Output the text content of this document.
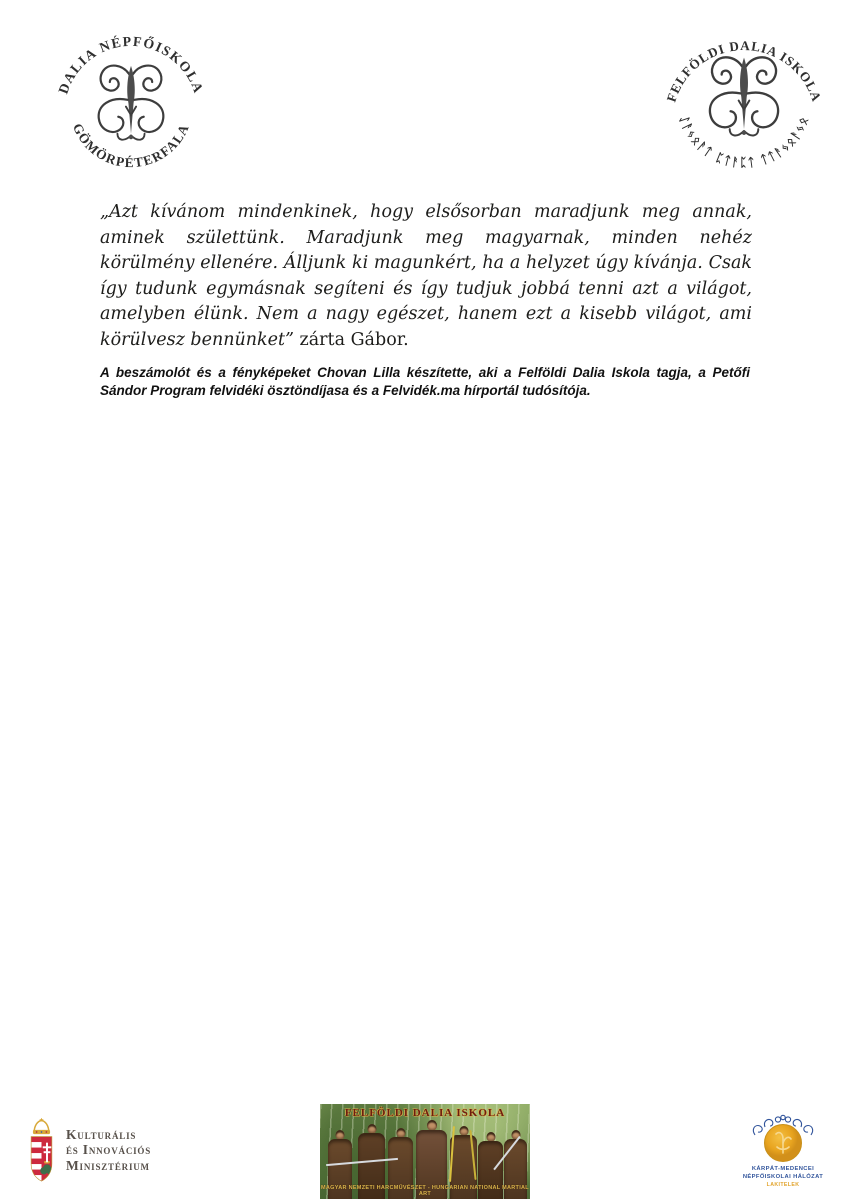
DALIA NÉPFŐISKOLA
GÖMÖRPÉTERFALA
FELFÖLDI DALIA ISKOLA
ᛇᚨᛃᛟᚨᛏ ᛈᛏᚨᛈᛏ ᛏᛏᚨᛃᛟᚨᛃᛟ

„Azt kívánom mindenkinek, hogy elsősorban maradjunk meg annak, aminek születtünk. Maradjunk meg magyarnak, minden nehéz körülmény ellenére. Álljunk ki magunkért, ha a helyzet úgy kívánja. Csak így tudunk egymásnak segíteni és így tudjuk jobbá tenni azt a világot, amelyben élünk. Nem a nagy egészet, hanem ezt a kisebb világot, ami körülvesz bennünket” zárta Gábor.

A beszámolót és a fényképeket Chovan Lilla készítette, aki a Felföldi Dalia Iskola tagja, a Petőfi Sándor Program felvidéki ösztöndíjasa és a Felvidék.ma hírportál tudósítója.

Kulturális
és Innovációs
Minisztérium
FELFÖLDI DALIA ISKOLA
MAGYAR NEMZETI HARCMŰVÉSZET - HUNGARIAN NATIONAL MARTIAL ART
KÁRPÁT-MEDENCEI
NÉPFŐISKOLAI HÁLÓZAT
LAKITELEK
